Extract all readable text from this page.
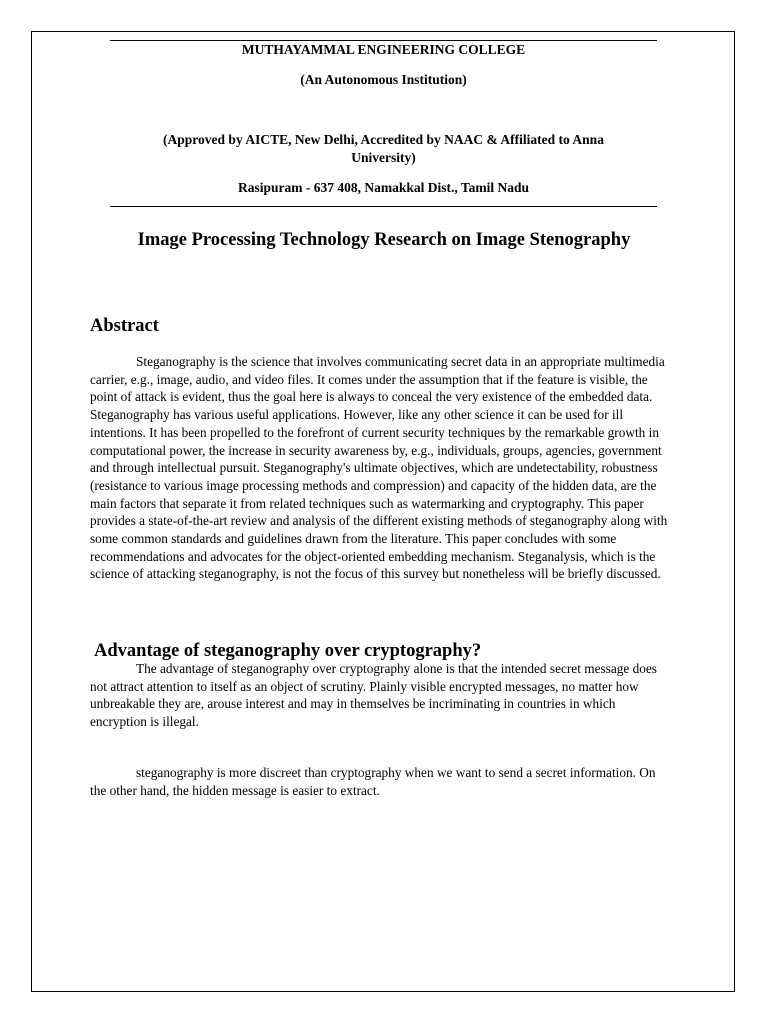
MUTHAYAMMAL ENGINEERING COLLEGE
(An Autonomous Institution)
(Approved by AICTE, New Delhi, Accredited by NAAC & Affiliated to Anna University)
Rasipuram - 637 408, Namakkal Dist., Tamil Nadu
Image Processing Technology Research on Image Stenography
Abstract
Steganography is the science that involves communicating secret data in an appropriate multimedia carrier, e.g., image, audio, and video files. It comes under the assumption that if the feature is visible, the point of attack is evident, thus the goal here is always to conceal the very existence of the embedded data. Steganography has various useful applications. However, like any other science it can be used for ill intentions. It has been propelled to the forefront of current security techniques by the remarkable growth in computational power, the increase in security awareness by, e.g., individuals, groups, agencies, government and through intellectual pursuit. Steganography's ultimate objectives, which are undetectability, robustness (resistance to various image processing methods and compression) and capacity of the hidden data, are the main factors that separate it from related techniques such as watermarking and cryptography. This paper provides a state-of-the-art review and analysis of the different existing methods of steganography along with some common standards and guidelines drawn from the literature. This paper concludes with some recommendations and advocates for the object-oriented embedding mechanism. Steganalysis, which is the science of attacking steganography, is not the focus of this survey but nonetheless will be briefly discussed.
Advantage of steganography over cryptography?
The advantage of steganography over cryptography alone is that the intended secret message does not attract attention to itself as an object of scrutiny. Plainly visible encrypted messages, no matter how unbreakable they are, arouse interest and may in themselves be incriminating in countries in which encryption is illegal.
steganography is more discreet than cryptography when we want to send a secret information. On the other hand, the hidden message is easier to extract.
